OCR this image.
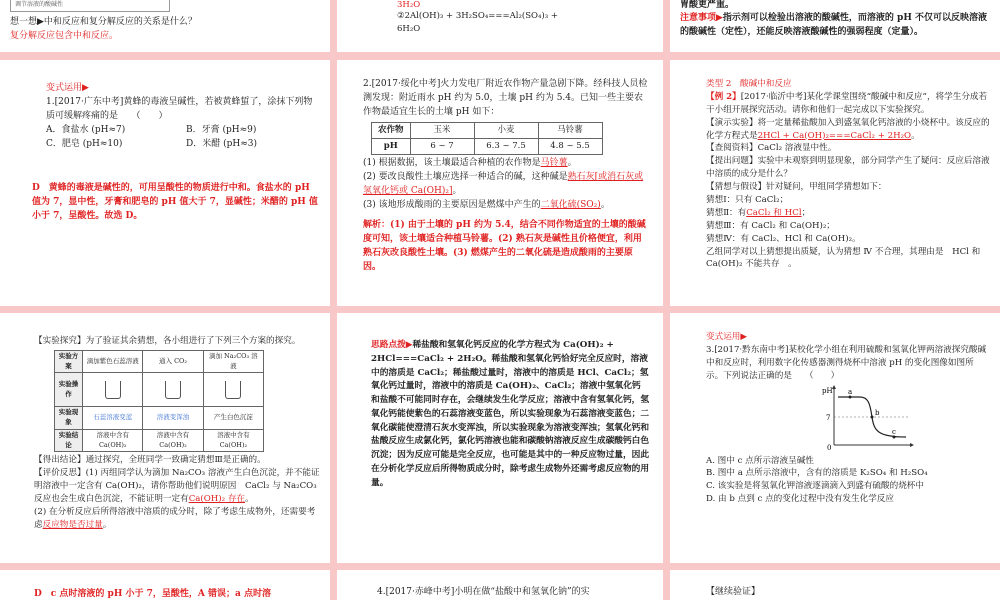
调节溶液的酸碱性

想一想▶中和反应和复分解反应的关系是什么？

复分解反应包含中和反应。

3H₂O

②2Al(OH)₃ + 3H₂SO₄===Al₂(SO₄)₃ +

6H₂O

胃酸更严重。

注意事项▶指示剂可以检验出溶液的酸碱性，而溶液的 pH 不仅可以反映溶液的酸碱性（定性），还能反映溶液酸碱性的强弱程度（定量）。

变式运用▶

1.[2017·广东中考]黄蜂的毒液呈碱性，若被黄蜂蜇了，涂抹下列物质可缓解疼痛的是　　（　　）

A．食盐水 (pH≈7)	B．牙膏 (pH≈9)
C．肥皂 (pH≈10)	D．米醋 (pH≈3)

D　黄蜂的毒液是碱性的，可用呈酸性的物质进行中和。食盐水的 pH 值为 7，显中性，牙膏和肥皂的 pH 值大于 7，显碱性；米醋的 pH 值小于 7，呈酸性。故选 D。

2.[2017·绥化中考]火力发电厂附近农作物产量急剧下降。经科技人员检测发现：附近雨水 pH 约为 5.0，土壤 pH 约为 5.4。已知一些主要农作物最适宜生长的土壤 pH 如下：

农作物	玉米	小麦	马铃薯
pH	6 ~ 7	6.3 ~ 7.5	4.8 ~ 5.5

(1) 根据数据，该土壤最适合种植的农作物是马铃薯。

(2) 要改良酸性土壤应选择一种适合的碱，这种碱是熟石灰[或消石灰或氢氧化钙或 Ca(OH)₂]。

(3) 该地形成酸雨的主要原因是燃煤中产生的二氧化硫(SO₂)。

解析：(1) 由于土壤的 pH 约为 5.4，结合不同作物适宜的土壤的酸碱度可知，该土壤适合种植马铃薯。(2) 熟石灰是碱性且价格便宜，利用熟石灰改良酸性土壤。(3) 燃煤产生的二氧化硫是造成酸雨的主要原因。

类型 2　酸碱中和反应

【例 2】[2017·临沂中考]某化学课堂围绕“酸碱中和反应”，将学生分成若干小组开展探究活动。请你和他们一起完成以下实验探究。

【演示实验】将一定量稀盐酸加入到盛氢氧化钙溶液的小烧杯中。该反应的化学方程式是2HCl + Ca(OH)₂===CaCl₂ + 2H₂O。

【查阅资料】CaCl₂ 溶液显中性。

【提出问题】实验中未观察到明显现象，部分同学产生了疑问：反应后溶液中溶质的成分是什么？

【猜想与假设】针对疑问，甲组同学猜想如下：

猜想Ⅰ：只有 CaCl₂；

猜想Ⅱ：有CaCl₂ 和 HCl；

猜想Ⅲ：有 CaCl₂ 和 Ca(OH)₂；

猜想Ⅳ：有 CaCl₂、HCl 和 Ca(OH)₂。

乙组同学对以上猜想提出质疑，认为猜想 Ⅳ 不合理，其理由是　HCl 和 Ca(OH)₂ 不能共存　。

【实验探究】为了验证其余猜想，各小组进行了下列三个方案的探究。

实验方案	滴加紫色石蕊溶液	通入 CO₂	滴加 Na₂CO₃ 溶液
实验操作			
实验现象	石蕊溶液变蓝	溶液变浑浊	产生白色沉淀
实验结论	溶液中含有 Ca(OH)₂	溶液中含有 Ca(OH)₂	溶液中含有 Ca(OH)₂

【得出结论】通过探究，全班同学一致确定猜想Ⅲ是正确的。

【评价反思】(1) 丙组同学认为滴加 Na₂CO₃ 溶液产生白色沉淀，并不能证明溶液中一定含有 Ca(OH)₂，请你帮助他们说明原因　CaCl₂ 与 Na₂CO₃ 反应也会生成白色沉淀，不能证明一定有Ca(OH)₂ 存在。

(2) 在分析反应后所得溶液中溶质的成分时，除了考虑生成物外，还需要考虑反应物是否过量。

思路点拨▶稀盐酸和氢氧化钙反应的化学方程式为 Ca(OH)₂ + 2HCl===CaCl₂ + 2H₂O。稀盐酸和氢氧化钙恰好完全反应时，溶液中的溶质是 CaCl₂；稀盐酸过量时，溶液中的溶质是 HCl、CaCl₂；氢氧化钙过量时，溶液中的溶质是 Ca(OH)₂、CaCl₂；溶液中氢氧化钙和盐酸不可能同时存在，会继续发生化学反应；溶液中含有氢氧化钙，氢氧化钙能使紫色的石蕊溶液变蓝色，所以实验现象为石蕊溶液变蓝色；二氧化碳能使澄清石灰水变浑浊，所以实验现象为溶液变浑浊；氢氧化钙和盐酸反应生成氯化钙，氯化钙溶液也能和碳酸钠溶液反应生成碳酸钙白色沉淀；因为反应可能是完全反应，也可能是其中的一种反应物过量，因此在分析化学反应后所得物质成分时，除考虑生成物外还需考虑反应物的用量。

变式运用▶

3.[2017·黔东南中考]某校化学小组在利用硫酸和氢氧化钾两溶液探究酸碱中和反应时，利用数字化传感器测得烧杯中溶液 pH 的变化图像如图所示。下列说法正确的是　　（　　）

pH
7
a
b
c
0

A. 图中 c 点所示溶液呈碱性

B. 图中 a 点所示溶液中，含有的溶质是 K₂SO₄ 和 H₂SO₄

C. 该实验是将氢氧化钾溶液逐滴滴入到盛有硫酸的烧杯中

D. 由 b 点到 c 点的变化过程中没有发生化学反应

D　c 点时溶液的 pH 小于 7，呈酸性，A 错误；a 点时溶	4.[2017·赤峰中考]小明在做“盐酸中和氢氧化钠”的实	【继续验证】
